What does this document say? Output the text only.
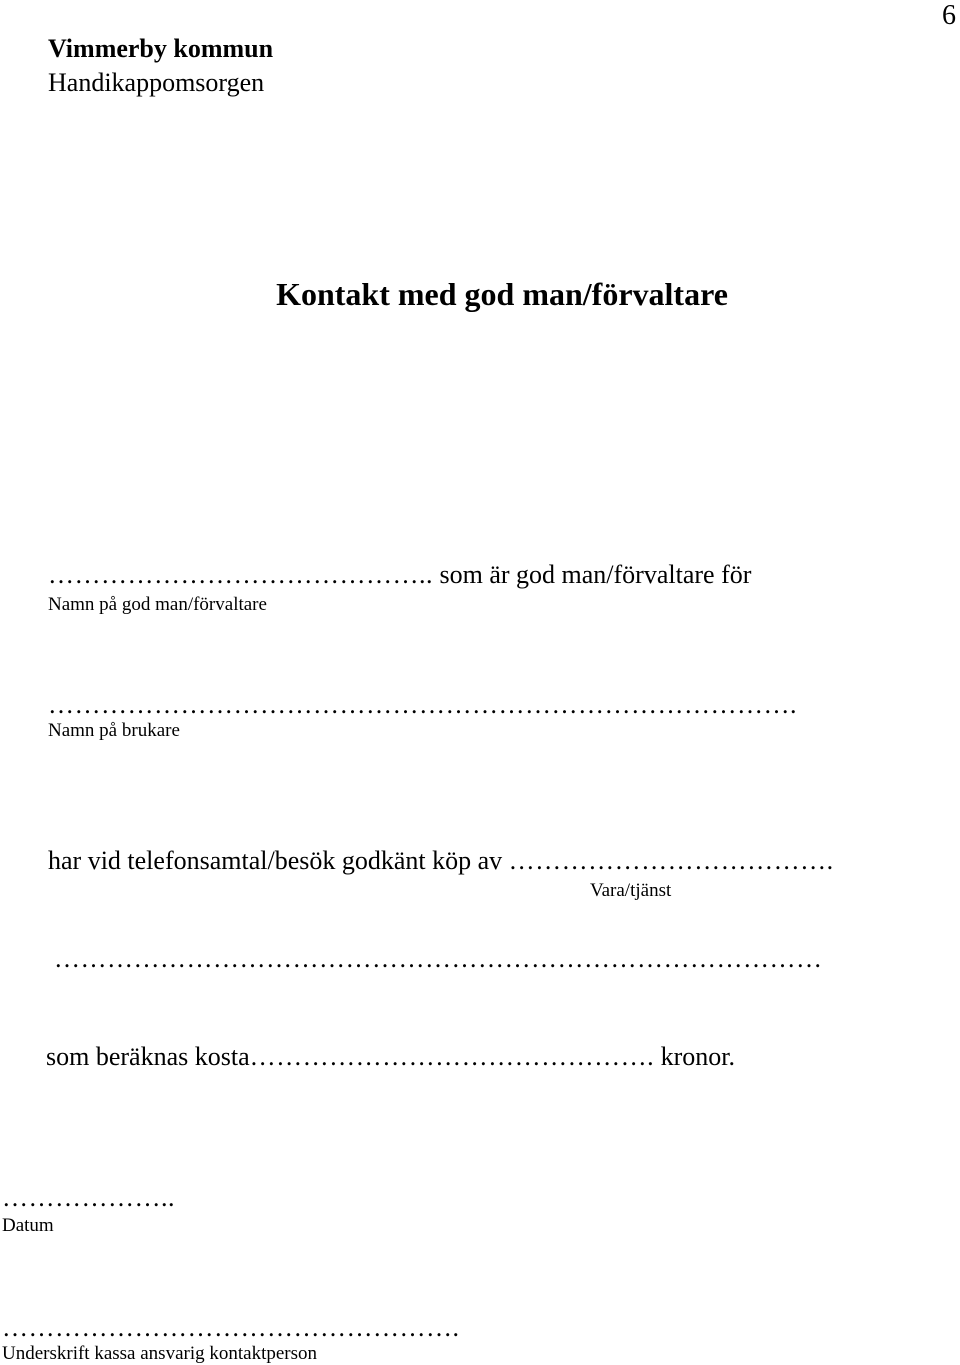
6
Vimmerby kommun
Handikappomsorgen
Kontakt med god man/förvaltare
…………………………………….. som är god man/förvaltare för
Namn på god man/förvaltare
………………………………………………………………………….
Namn på brukare
har vid telefonsamtal/besök godkänt köp av ……………………………….
Vara/tjänst
……………………………………………………………………………
som beräknas kosta………………………………………. kronor.
………………..
Datum
…………………………………………….
Underskrift kassa ansvarig kontaktperson
